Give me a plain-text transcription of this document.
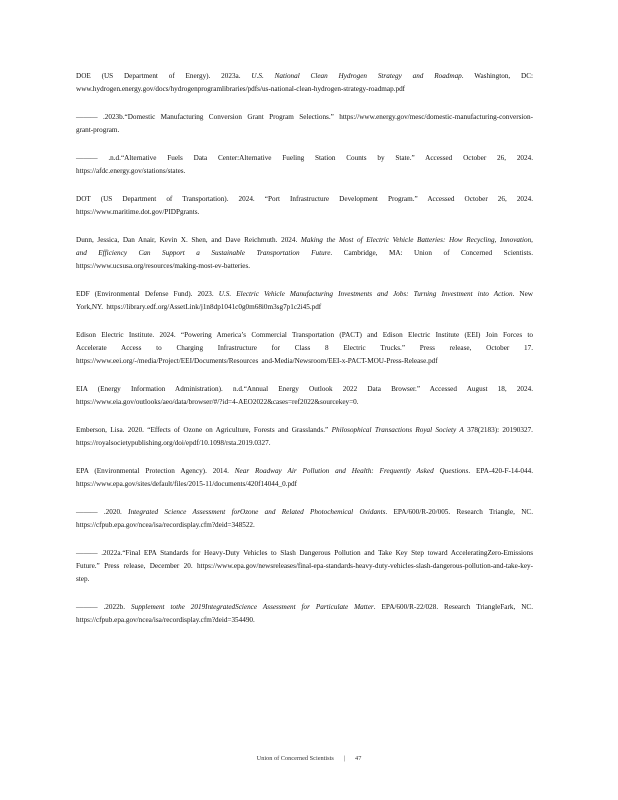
DOE (US Department of Energy). 2023a. U.S. National Clean Hydrogen Strategy and Roadmap. Washington, DC: www.hydrogen.energy.gov/docs/hydrogenprogramlibraries/pdfs/us-national-clean-hydrogen-strategy-roadmap.pdf

——— .2023b.“Domestic Manufacturing Conversion Grant Program Selections.” https://www.energy.gov/mesc/domestic-manufacturing-conversion-grant-program.

——— .n.d.“Alternative Fuels Data Center:Alternative Fueling Station Counts by State.” Accessed October 26, 2024. https://afdc.energy.gov/stations/states.

DOT (US Department of Transportation). 2024. “Port Infrastructure Development Program.” Accessed October 26, 2024. https://www.maritime.dot.gov/PIDPgrants.

Dunn, Jessica, Dan Anair, Kevin X. Shen, and Dave Reichmuth. 2024. Making the Most of Electric Vehicle Batteries: How Recycling, Innovation, and Efficiency Can Support a Sustainable Transportation Future. Cambridge, MA: Union of Concerned Scientists. https://www.ucsusa.org/resources/making-most-ev-batteries.

EDF (Environmental Defense Fund). 2023. U.S. Electric Vehicle Manufacturing Investments and Jobs: Turning Investment into Action. New York,NY. https://library.edf.org/AssetLink/j1n8dp1041c0g0m68i0m3sg7p1c2i45.pdf

Edison Electric Institute. 2024. “Powering America’s Commercial Transportation (PACT) and Edison Electric Institute (EEI) Join Forces to Accelerate Access to Charging Infrastructure for Class 8 Electric Trucks.” Press release, October 17. https://www.eei.org/-/media/Project/EEI/Documents/Resources and-Media/Newsroom/EEI-x-PACT-MOU-Press-Release.pdf

EIA (Energy Information Administration). n.d.“Annual Energy Outlook 2022 Data Browser.” Accessed August 18, 2024. https://www.eia.gov/outlooks/aeo/data/browser/#/?id=4-AEO2022&cases=ref2022&sourcekey=0.

Emberson, Lisa. 2020. “Effects of Ozone on Agriculture, Forests and Grasslands.” Philosophical Transactions Royal Society A 378(2183): 20190327. https://royalsocietypublishing.org/doi/epdf/10.1098/rsta.2019.0327.

EPA (Environmental Protection Agency). 2014. Near Roadway Air Pollution and Health: Frequently Asked Questions. EPA-420-F-14-044. https://www.epa.gov/sites/default/files/2015-11/documents/420f14044_0.pdf

——— .2020. Integrated Science Assessment forOzone and Related Photochemical Oxidants. EPA/600/R-20/005. Research Triangle, NC. https://cfpub.epa.gov/ncea/isa/recordisplay.cfm?deid=348522.

——— .2022a.“Final EPA Standards for Heavy-Duty Vehicles to Slash Dangerous Pollution and Take Key Step toward AcceleratingZero-Emissions Future.” Press release, December 20. https://www.epa.gov/newsreleases/final-epa-standards-heavy-duty-vehicles-slash-dangerous-pollution-and-take-key-step.

——— .2022b. Supplement tothe 2019IntegratedScience Assessment for Particulate Matter. EPA/600/R-22/028. Research TriangleFark, NC. https://cfpub.epa.gov/ncea/isa/recordisplay.cfm?deid=354490.

Union of Concerned Scientists | 47
